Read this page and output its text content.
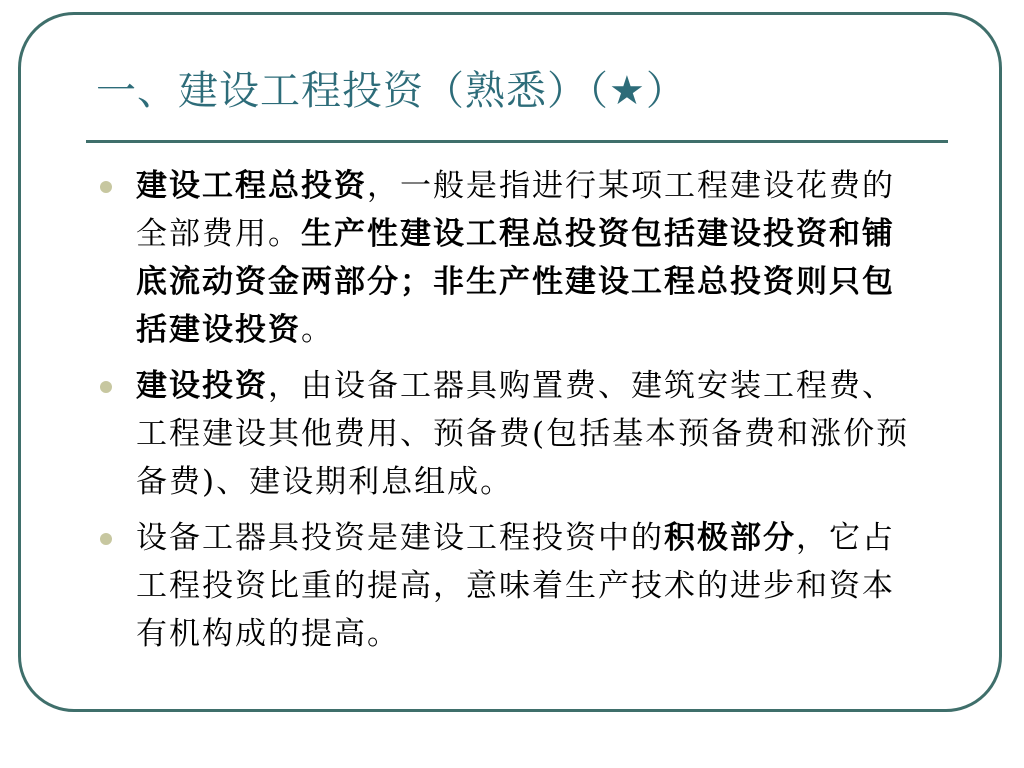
一、建设工程投资（熟悉）（★）
建设工程总投资，一般是指进行某项工程建设花费的全部费用。生产性建设工程总投资包括建设投资和铺底流动资金两部分；非生产性建设工程总投资则只包括建设投资。
建设投资，由设备工器具购置费、建筑安装工程费、工程建设其他费用、预备费(包括基本预备费和涨价预备费)、建设期利息组成。
设备工器具投资是建设工程投资中的积极部分，它占工程投资比重的提高，意味着生产技术的进步和资本有机构成的提高。
